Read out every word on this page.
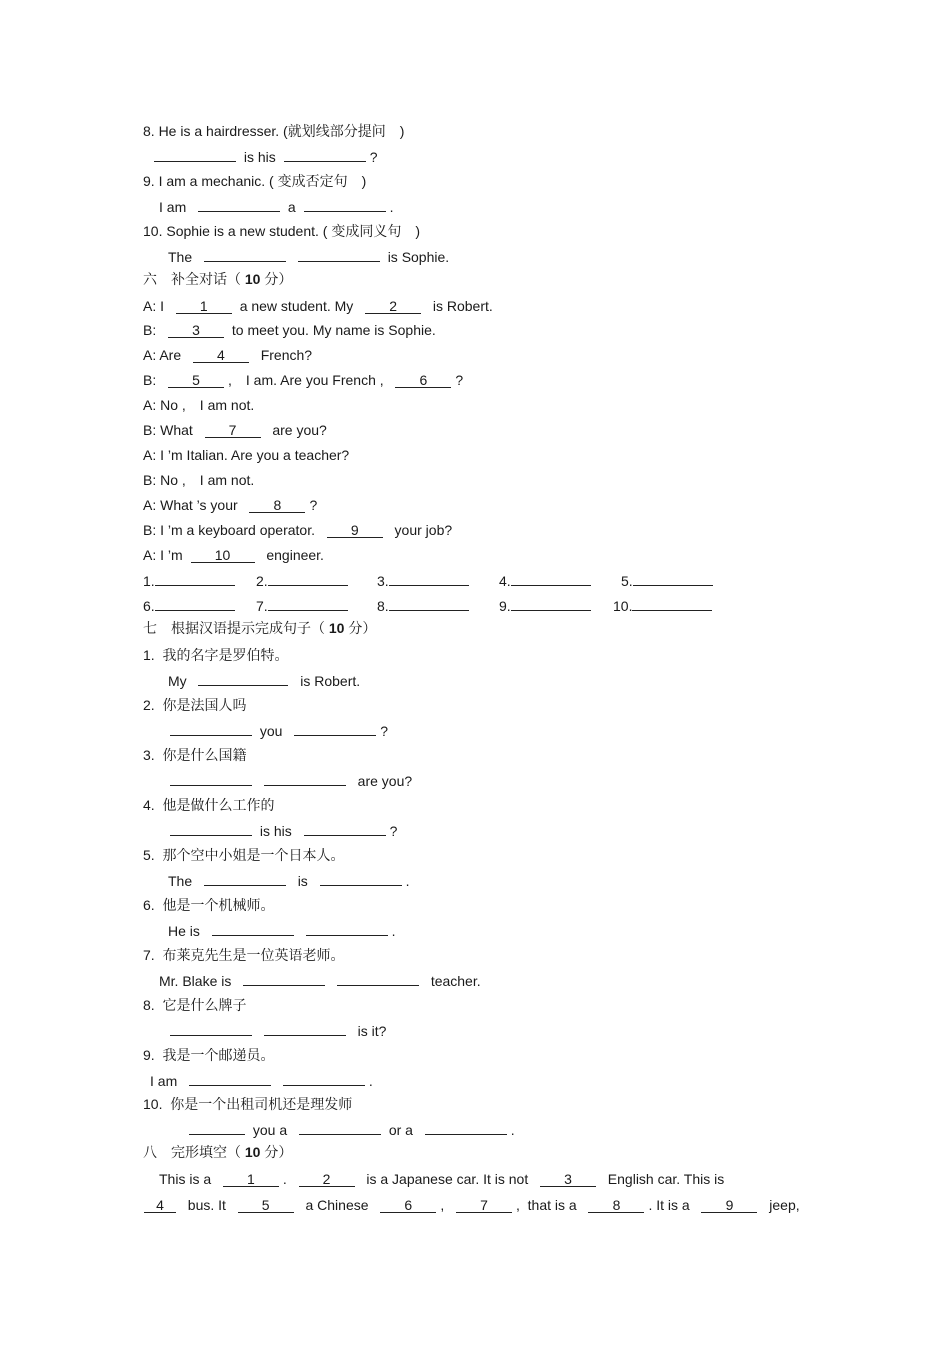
8. He is a hairdresser. (就划线部分提问　)
is his	?
9. I am a mechanic. ( 变成否定句　)
I am	a	.
10. Sophie is a new student. ( 变成同义句　)
The	is Sophie.
六　补全对话（ 10 分）
A: I	1 a new student. My	2	is Robert.
B:	3 to meet you. My name is Sophie.
A: Are	4	French?
B:	5 ,　I am. Are you French ,	6 ?
A: No ,　I am not.
B: What	7	are you?
A: I ’m Italian. Are you a teacher?
B: No ,　I am not.
A: What ’s your	8 ?
B: I ’m a keyboard operator.	9	your job?
A: I ’m 10	engineer.
1.	2.	3.	4.	5.
6.	7.	8.	9.	10.
七　根据汉语提示完成句子（ 10 分）
1.  我的名字是罗伯特。
My	is Robert.
2.  你是法国人吗
you	?
3.  你是什么国籍
are you?
4.  他是做什么工作的
is his	?
5.  那个空中小姐是一个日本人。
The	is	.
6.  他是一个机械师。
He is	.
7.  布莱克先生是一位英语老师。
Mr. Blake is	teacher.
8.  它是什么牌子
is it?
9.  我是一个邮递员。
I am	.
10.  你是一个出租司机还是理发师
you a	or a	.
八　完形填空（ 10 分）
This is a	1 .	2	is a Japanese car. It is not	3	English car. This is
4 bus. It	5	a Chinese	6 ,	7 , that is a	8 . It is a	9	jeep,
